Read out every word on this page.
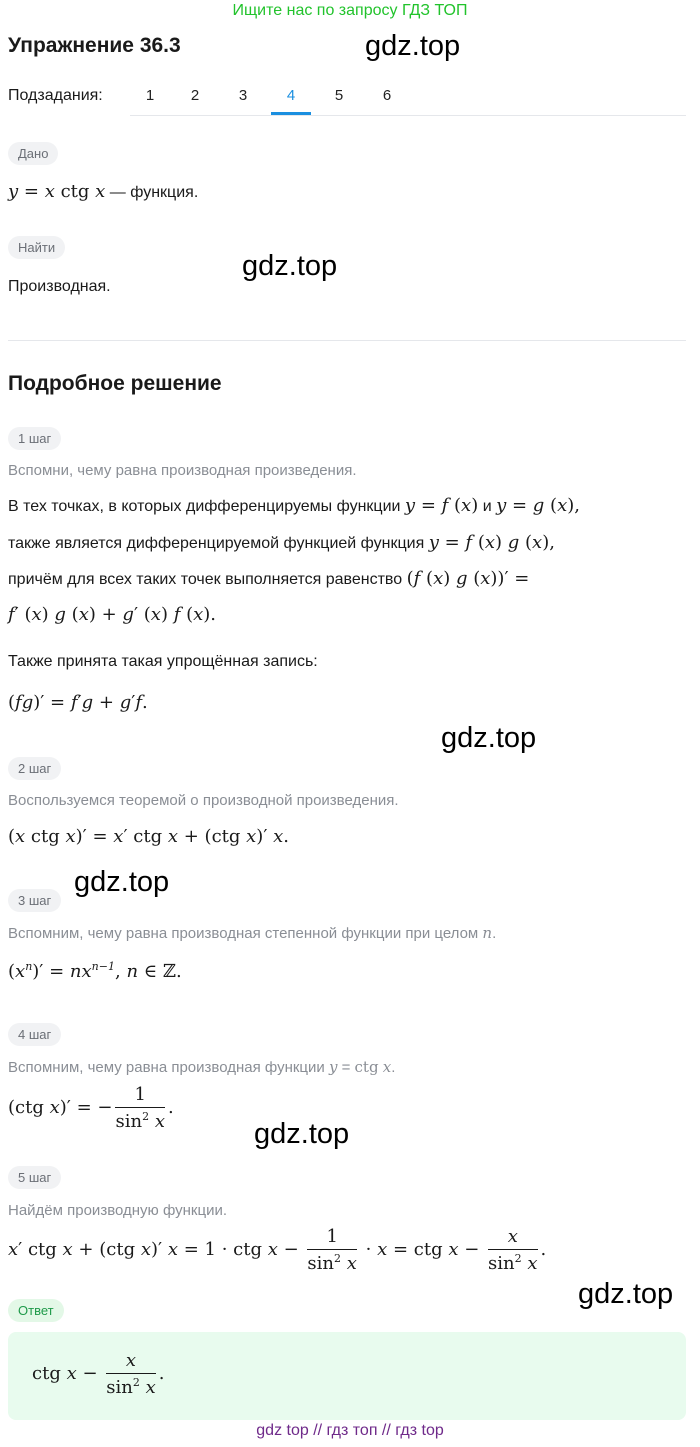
Ищите нас по запросу ГДЗ ТОП
Упражнение 36.3	gdz.top
Подзадания:	1	2	3	4	5	6
Дано
y = x ctg x — функция.
Найти
Производная.
gdz.top
Подробное решение
1 шаг
Вспомни, чему равна производная произведения.
В тех точках, в которых дифференцируемы функции y = f (x) и y = g (x),
также является дифференцируемой функцией функция y = f (x) g (x),
причём для всех таких точек выполняется равенство (f (x) g (x))′ =
f′ (x) g (x) + g′ (x) f (x).
Также принята такая упрощённая запись:
(fg)′ = f′g + g′f.
gdz.top
2 шаг
Воспользуемся теоремой о производной произведения.
(x ctg x)′ = x′ ctg x + (ctg x)′ x.
gdz.top
3 шаг
Вспомним, чему равна производная степенной функции при целом n.
$(x^n)' = nx^{n-1}$, n ∈ ℤ.
4 шаг
Вспомним, чему равна производная функции y = ctg x.
(ctg x)′ = − $\frac{1}{\sin^2 x}$ .
gdz.top
5 шаг
Найдём производную функции.
x′ ctg x + (ctg x)′ x = 1 · ctg $x - \frac{1}{\sin^2 x} \cdot x$ = ctg $x - \frac{x}{\sin^2 x}$ .
gdz.top
Ответ
ctg $x - \frac{x}{\sin^2 x}$ .
gdz top // гдз топ // гдз top
